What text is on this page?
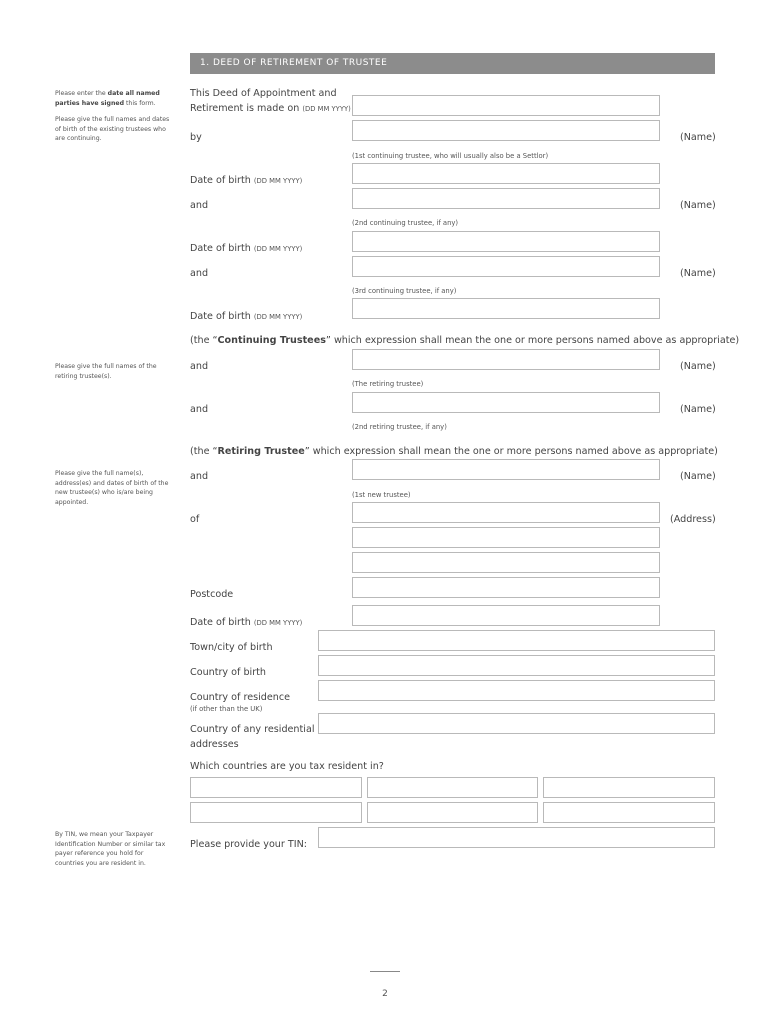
1. DEED OF RETIREMENT OF TRUSTEE
Please enter the date all named parties have signed this form.
Please give the full names and dates of birth of the existing trustees who are continuing.
Please give the full names of the retiring trustee(s).
Please give the full name(s), address(es) and dates of birth of the new trustee(s) who is/are being appointed.
By TIN, we mean your Taxpayer Identification Number or similar tax payer reference you hold for countries you are resident in.
This Deed of Appointment and
Retirement is made on (DD MM YYYY)
by	(Name)
(1st continuing trustee, who will usually also be a Settlor)
Date of birth (DD MM YYYY)
and	(Name)
(2nd continuing trustee, if any)
Date of birth (DD MM YYYY)
and	(Name)
(3rd continuing trustee, if any)
Date of birth (DD MM YYYY)
(the “Continuing Trustees” which expression shall mean the one or more persons named above as appropriate)
and	(Name)
(The retiring trustee)
and	(Name)
(2nd retiring trustee, if any)
(the “Retiring Trustee” which expression shall mean the one or more persons named above as appropriate)
and	(Name)
(1st new trustee)
of	(Address)
Postcode
Date of birth (DD MM YYYY)
Town/city of birth
Country of birth
Country of residence
(if other than the UK)
Country of any residential
addresses
Which countries are you tax resident in?
Please provide your TIN:
2
